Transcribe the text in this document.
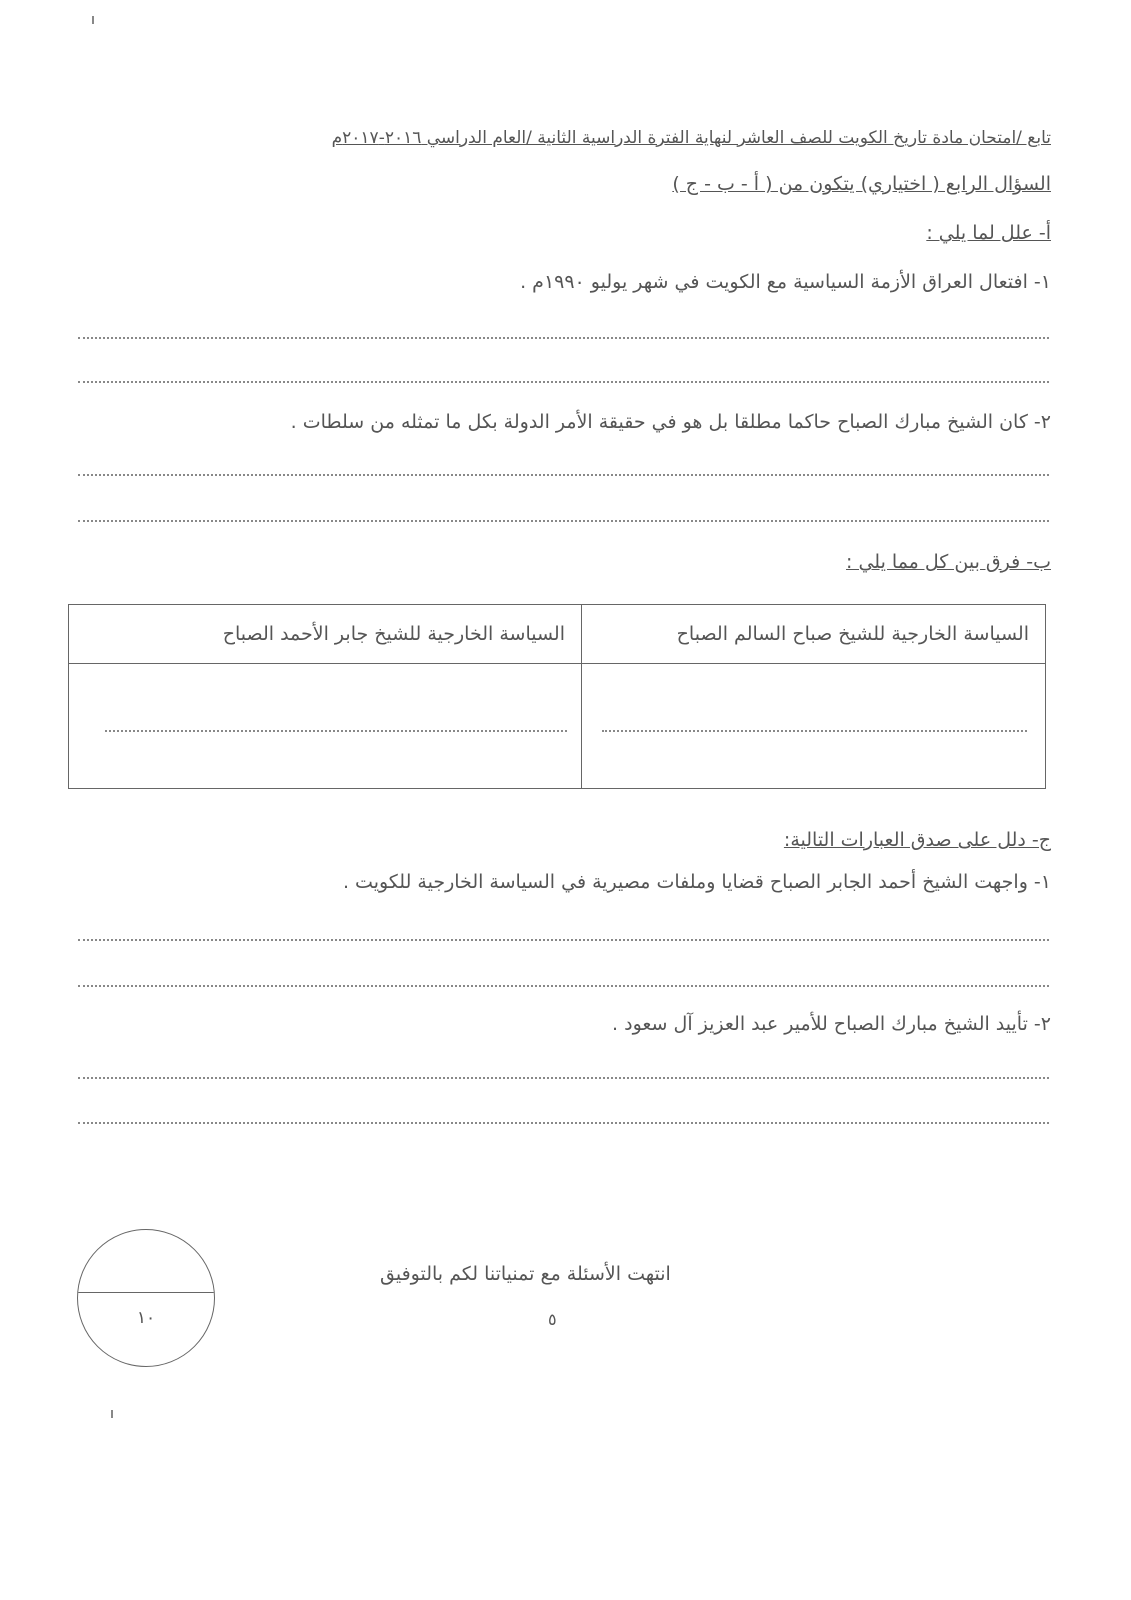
تابع /امتحان مادة تاريخ الكويت للصف العاشر لنهاية الفترة الدراسية الثانية /العام الدراسي ٢٠١٦-٢٠١٧م
السؤال الرابع ( اختياري) يتكون من ( أ - ب - ج )
أ- علل لما يلي :
١- افتعال العراق الأزمة السياسية مع الكويت في شهر يوليو ١٩٩٠م .
٢- كان الشيخ مبارك الصباح حاكما مطلقا بل هو في حقيقة الأمر الدولة بكل ما تمثله من سلطات .
ب- فرق بين كل مما يلي :
السياسة الخارجية للشيخ صباح السالم الصباح	السياسة الخارجية للشيخ جابر الأحمد الصباح

ج- دلل على صدق العبارات التالية:
١- واجهت الشيخ أحمد الجابر الصباح قضايا وملفات مصيرية في السياسة الخارجية للكويت .
٢- تأييد الشيخ مبارك الصباح للأمير عبد العزيز آل سعود .
١٠
انتهت الأسئلة مع تمنياتنا لكم بالتوفيق
٥
